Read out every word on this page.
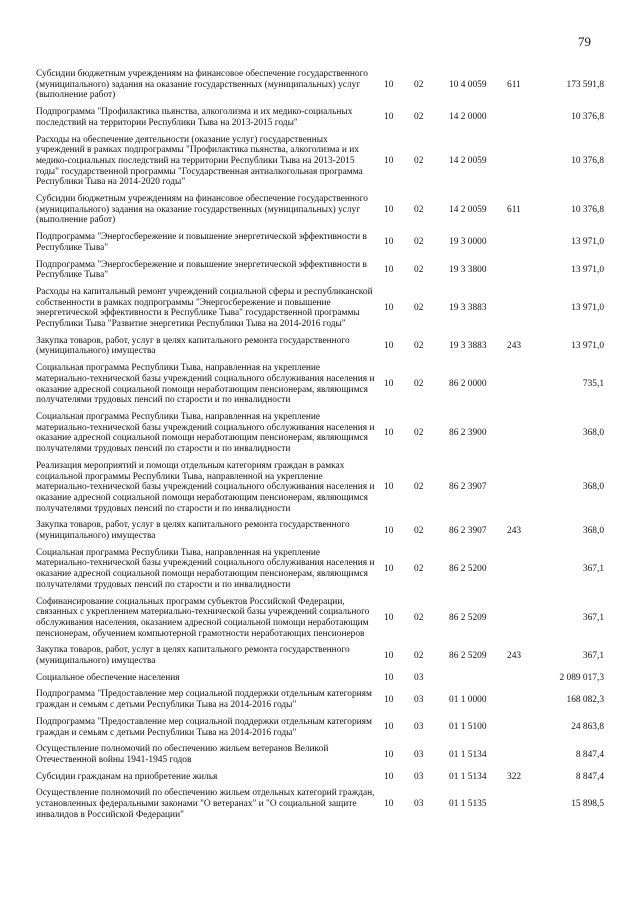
79
Субсидии бюджетным учреждениям на финансовое обеспечение государственного (муниципального) задания на оказание государственных (муниципальных) услуг (выполнение работ)
10	02	10 4 0059	611	173 591,8
Подпрограмма "Профилактика пьянства, алкоголизма и их медико-социальных последствий на территории Республики Тыва на 2013-2015 годы"
10	02	14 2 0000	10 376,8
Расходы на обеспечение деятельности (оказание услуг) государственных учреждений в рамках подпрограммы "Профилактика пьянства, алкоголизма и их медико-социальных последствий на территории Республики Тыва на 2013-2015 годы" государственной программы "Государственная антиалкогольная программа Республики Тыва на 2014-2020 годы"
10	02	14 2 0059	10 376,8
Субсидии бюджетным учреждениям на финансовое обеспечение государственного (муниципального) задания на оказание государственных (муниципальных) услуг (выполнение работ)
10	02	14 2 0059	611	10 376,8
Подпрограмма "Энергосбережение и повышение энергетической эффективности в Республике Тыва"
10	02	19 3 0000	13 971,0
Подпрограмма "Энергосбережение и повышение энергетической эффективности в Республике Тыва"
10	02	19 3 3800	13 971,0
Расходы на капитальный ремонт учреждений социальной сферы и республиканской собственности в рамках подпрограммы "Энергосбережение и повышение энергетической эффективности в Республике Тыва" государственной программы Республики Тыва "Развитие энергетики Республики Тыва на 2014-2016 годы"
10	02	19 3 3883	13 971,0
Закупка товаров, работ, услуг в целях капитального ремонта государственного (муниципального) имущества
10	02	19 3 3883	243	13 971,0
Социальная программа Республики Тыва, направленная на укрепление материально-технической базы учреждений социального обслуживания населения и оказание адресной социальной помощи неработающим пенсионерам, являющимся получателями трудовых пенсий по старости и по инвалидности
10	02	86 2 0000	735,1
Социальная программа Республики Тыва, направленная на укрепление материально-технической базы учреждений социального обслуживания населения и оказание адресной социальной помощи неработающим пенсионерам, являющимся получателями трудовых пенсий по старости и по инвалидности
10	02	86 2 3900	368,0
Реализация мероприятий и помощи отдельным категориям граждан в рамках социальной программы Республики Тыва, направленной на укрепление материально-технической базы учреждений социального обслуживания населения и оказание адресной социальной помощи неработающим пенсионерам, являющимся получателями трудовых пенсий по старости и по инвалидности
10	02	86 2 3907	368,0
Закупка товаров, работ, услуг в целях капитального ремонта государственного (муниципального) имущества
10	02	86 2 3907	243	368,0
Социальная программа Республики Тыва, направленная на укрепление материально-технической базы учреждений социального обслуживания населения и оказание адресной социальной помощи неработающим пенсионерам, являющимся получателями трудовых пенсий по старости и по инвалидности
10	02	86 2 5200	367,1
Софинансирование социальных программ субъектов Российской Федерации, связанных с укреплением материально-технической базы учреждений социального обслуживания населения, оказанием адресной социальной помощи неработающим пенсионерам, обучением компьютерной грамотности неработающих пенсионеров
10	02	86 2 5209	367,1
Закупка товаров, работ, услуг в целях капитального ремонта государственного (муниципального) имущества
10	02	86 2 5209	243	367,1
Социальное обеспечение населения	10	03	2 089 017,3
Подпрограмма "Предоставление мер социальной поддержки отдельным категориям граждан и семьям с детьми Республики Тыва на 2014-2016 годы"
10	03	01 1 0000	168 082,3
Подпрограмма "Предоставление мер социальной поддержки отдельным категориям граждан и семьям с детьми Республики Тыва на 2014-2016 годы"
10	03	01 1 5100	24 863,8
Осуществление полномочий по обеспечению жильем ветеранов Великой Отечественной войны 1941-1945 годов
10	03	01 1 5134	8 847,4
Субсидии гражданам на приобретение жилья	10	03	01 1 5134	322	8 847,4
Осуществление полномочий по обеспечению жильем отдельных категорий граждан, установленных федеральными законами "О ветеранах" и "О социальной защите инвалидов в Российской Федерации"
10	03	01 1 5135	15 898,5
